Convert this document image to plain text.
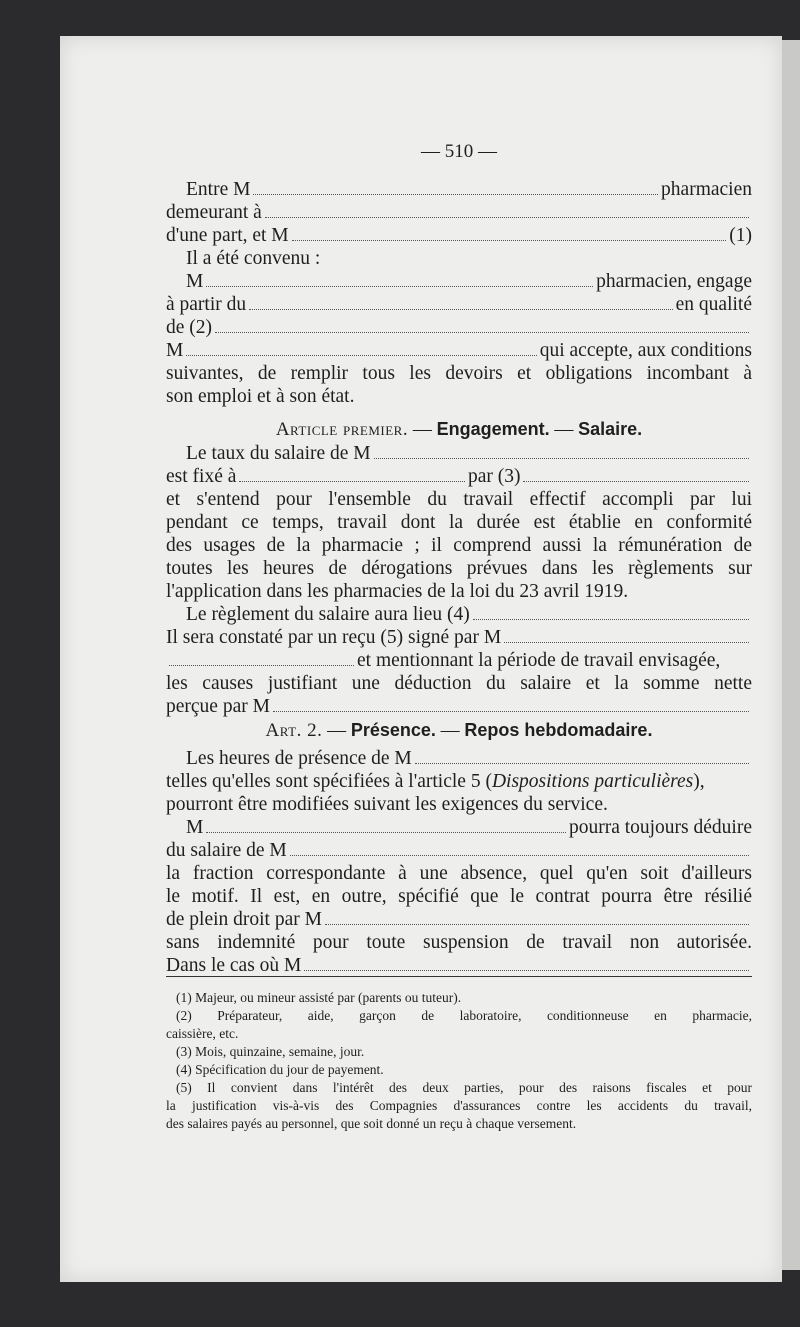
— 510 —
Entre M	pharmacien
demeurant à
d'une part, et M	(1)
Il a été convenu :
M	pharmacien, engage
à partir du	en qualité
de (2)
M	qui accepte, aux conditions
suivantes, de remplir tous les devoirs et obligations incombant à
son emploi et à son état.
Article premier. — Engagement. — Salaire.
Le taux du salaire de M
est fixé à	par (3)
et s'entend pour l'ensemble du travail effectif accompli par lui
pendant ce temps, travail dont la durée est établie en conformité
des usages de la pharmacie ; il comprend aussi la rémunération de
toutes les heures de dérogations prévues dans les règlements sur
l'application dans les pharmacies de la loi du 23 avril 1919.
Le règlement du salaire aura lieu (4)
Il sera constaté par un reçu (5) signé par M
et mentionnant la période de travail envisagée,
les causes justifiant une déduction du salaire et la somme nette
perçue par M
Art. 2. — Présence. — Repos hebdomadaire.
Les heures de présence de M
telles qu'elles sont spécifiées à l'article 5 (Dispositions particulières),
pourront être modifiées suivant les exigences du service.
M	pourra toujours déduire
du salaire de M
la fraction correspondante à une absence, quel qu'en soit d'ailleurs
le motif. Il est, en outre, spécifié que le contrat pourra être résilié
de plein droit par M
sans indemnité pour toute suspension de travail non autorisée.
Dans le cas où M
(1) Majeur, ou mineur assisté par (parents ou tuteur).
(2) Préparateur, aide, garçon de laboratoire, conditionneuse en pharmacie,
caissière, etc.
(3) Mois, quinzaine, semaine, jour.
(4) Spécification du jour de payement.
(5) Il convient dans l'intérêt des deux parties, pour des raisons fiscales et pour
la justification vis-à-vis des Compagnies d'assurances contre les accidents du travail,
des salaires payés au personnel, que soit donné un reçu à chaque versement.
